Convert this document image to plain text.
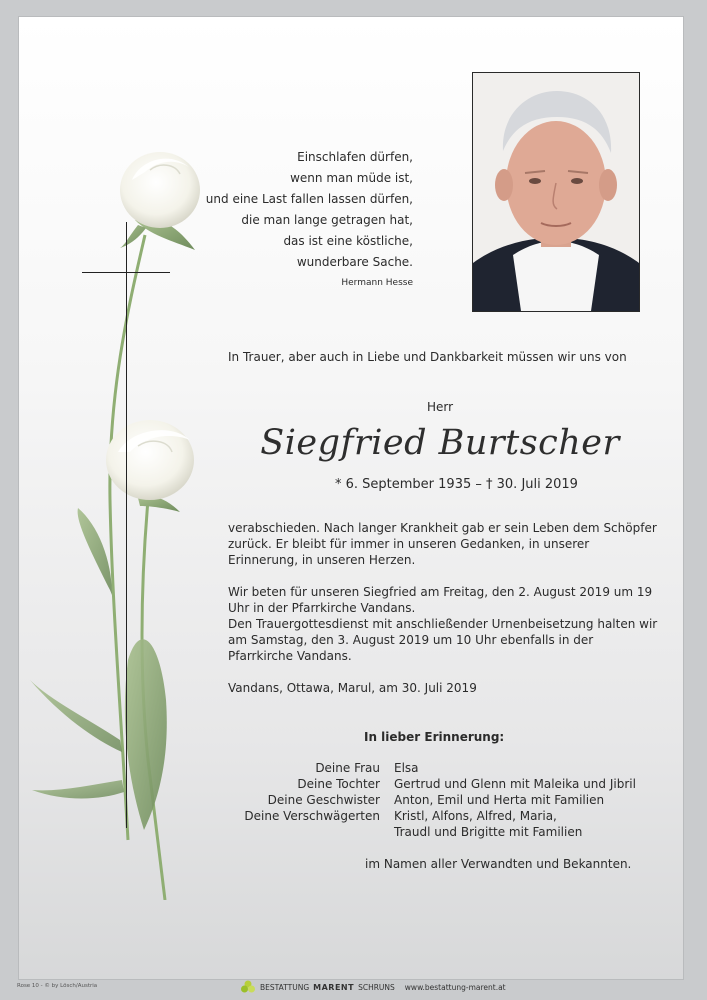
Einschlafen dürfen,
wenn man müde ist,
und eine Last fallen lassen dürfen,
die man lange getragen hat,
das ist eine köstliche,
wunderbare Sache.
Hermann Hesse
In Trauer, aber auch in Liebe und Dankbarkeit müssen wir uns von
Herr
Siegfried Burtscher
* 6. September 1935 – † 30. Juli 2019
verabschieden. Nach langer Krankheit gab er sein Leben dem Schöpfer zurück. Er bleibt für immer in unseren Gedanken, in unserer Erinnerung, in unseren Herzen.
Wir beten für unseren Siegfried am Freitag, den 2. August 2019 um 19 Uhr in der Pfarrkirche Vandans.
Den Trauergottesdienst mit anschließender Urnenbeisetzung halten wir am Samstag, den 3. August 2019 um 10 Uhr ebenfalls in der Pfarrkirche Vandans.
Vandans, Ottawa, Marul, am 30. Juli 2019
In lieber Erinnerung:
Deine Frau	Elsa
Deine Tochter	Gertrud und Glenn mit Maleika und Jibril
Deine Geschwister	Anton, Emil und Herta mit Familien
Deine Verschwägerten	Kristl, Alfons, Alfred, Maria,
Traudl und Brigitte mit Familien
im Namen aller Verwandten und Bekannten.
Rose 10 - © by Lösch/Austria	BESTATTUNG MARENT SCHRUNS www.bestattung-marent.at
